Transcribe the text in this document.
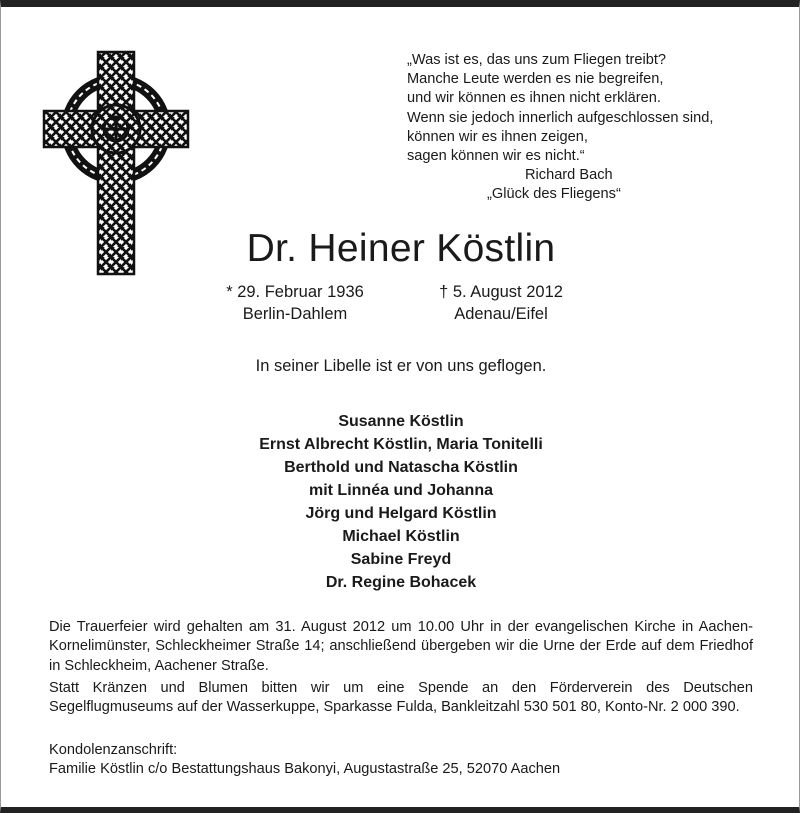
„Was ist es, das uns zum Fliegen treibt?
Manche Leute werden es nie begreifen,
und wir können es ihnen nicht erklären.
Wenn sie jedoch innerlich aufgeschlossen sind,
können wir es ihnen zeigen,
sagen können wir es nicht.“
Richard Bach
„Glück des Fliegens“
Dr. Heiner Köstlin
* 29. Februar 1936
Berlin-Dahlem
† 5. August 2012
Adenau/Eifel
In seiner Libelle ist er von uns geflogen.
Susanne Köstlin
Ernst Albrecht Köstlin, Maria Tonitelli
Berthold und Natascha Köstlin
mit Linnéa und Johanna
Jörg und Helgard Köstlin
Michael Köstlin
Sabine Freyd
Dr. Regine Bohacek
Die Trauerfeier wird gehalten am 31. August 2012 um 10.00 Uhr in der evangelischen Kirche in Aachen-Kornelimünster, Schleckheimer Straße 14; anschließend übergeben wir die Urne der Erde auf dem Friedhof in Schleckheim, Aachener Straße.
Statt Kränzen und Blumen bitten wir um eine Spende an den Förderverein des Deutschen Segelflugmuseums auf der Wasserkuppe, Sparkasse Fulda, Bankleitzahl 530 501 80, Konto-Nr. 2 000 390.
Kondolenzanschrift:
Familie Köstlin c/o Bestattungshaus Bakonyi, Augustastraße 25, 52070 Aachen
